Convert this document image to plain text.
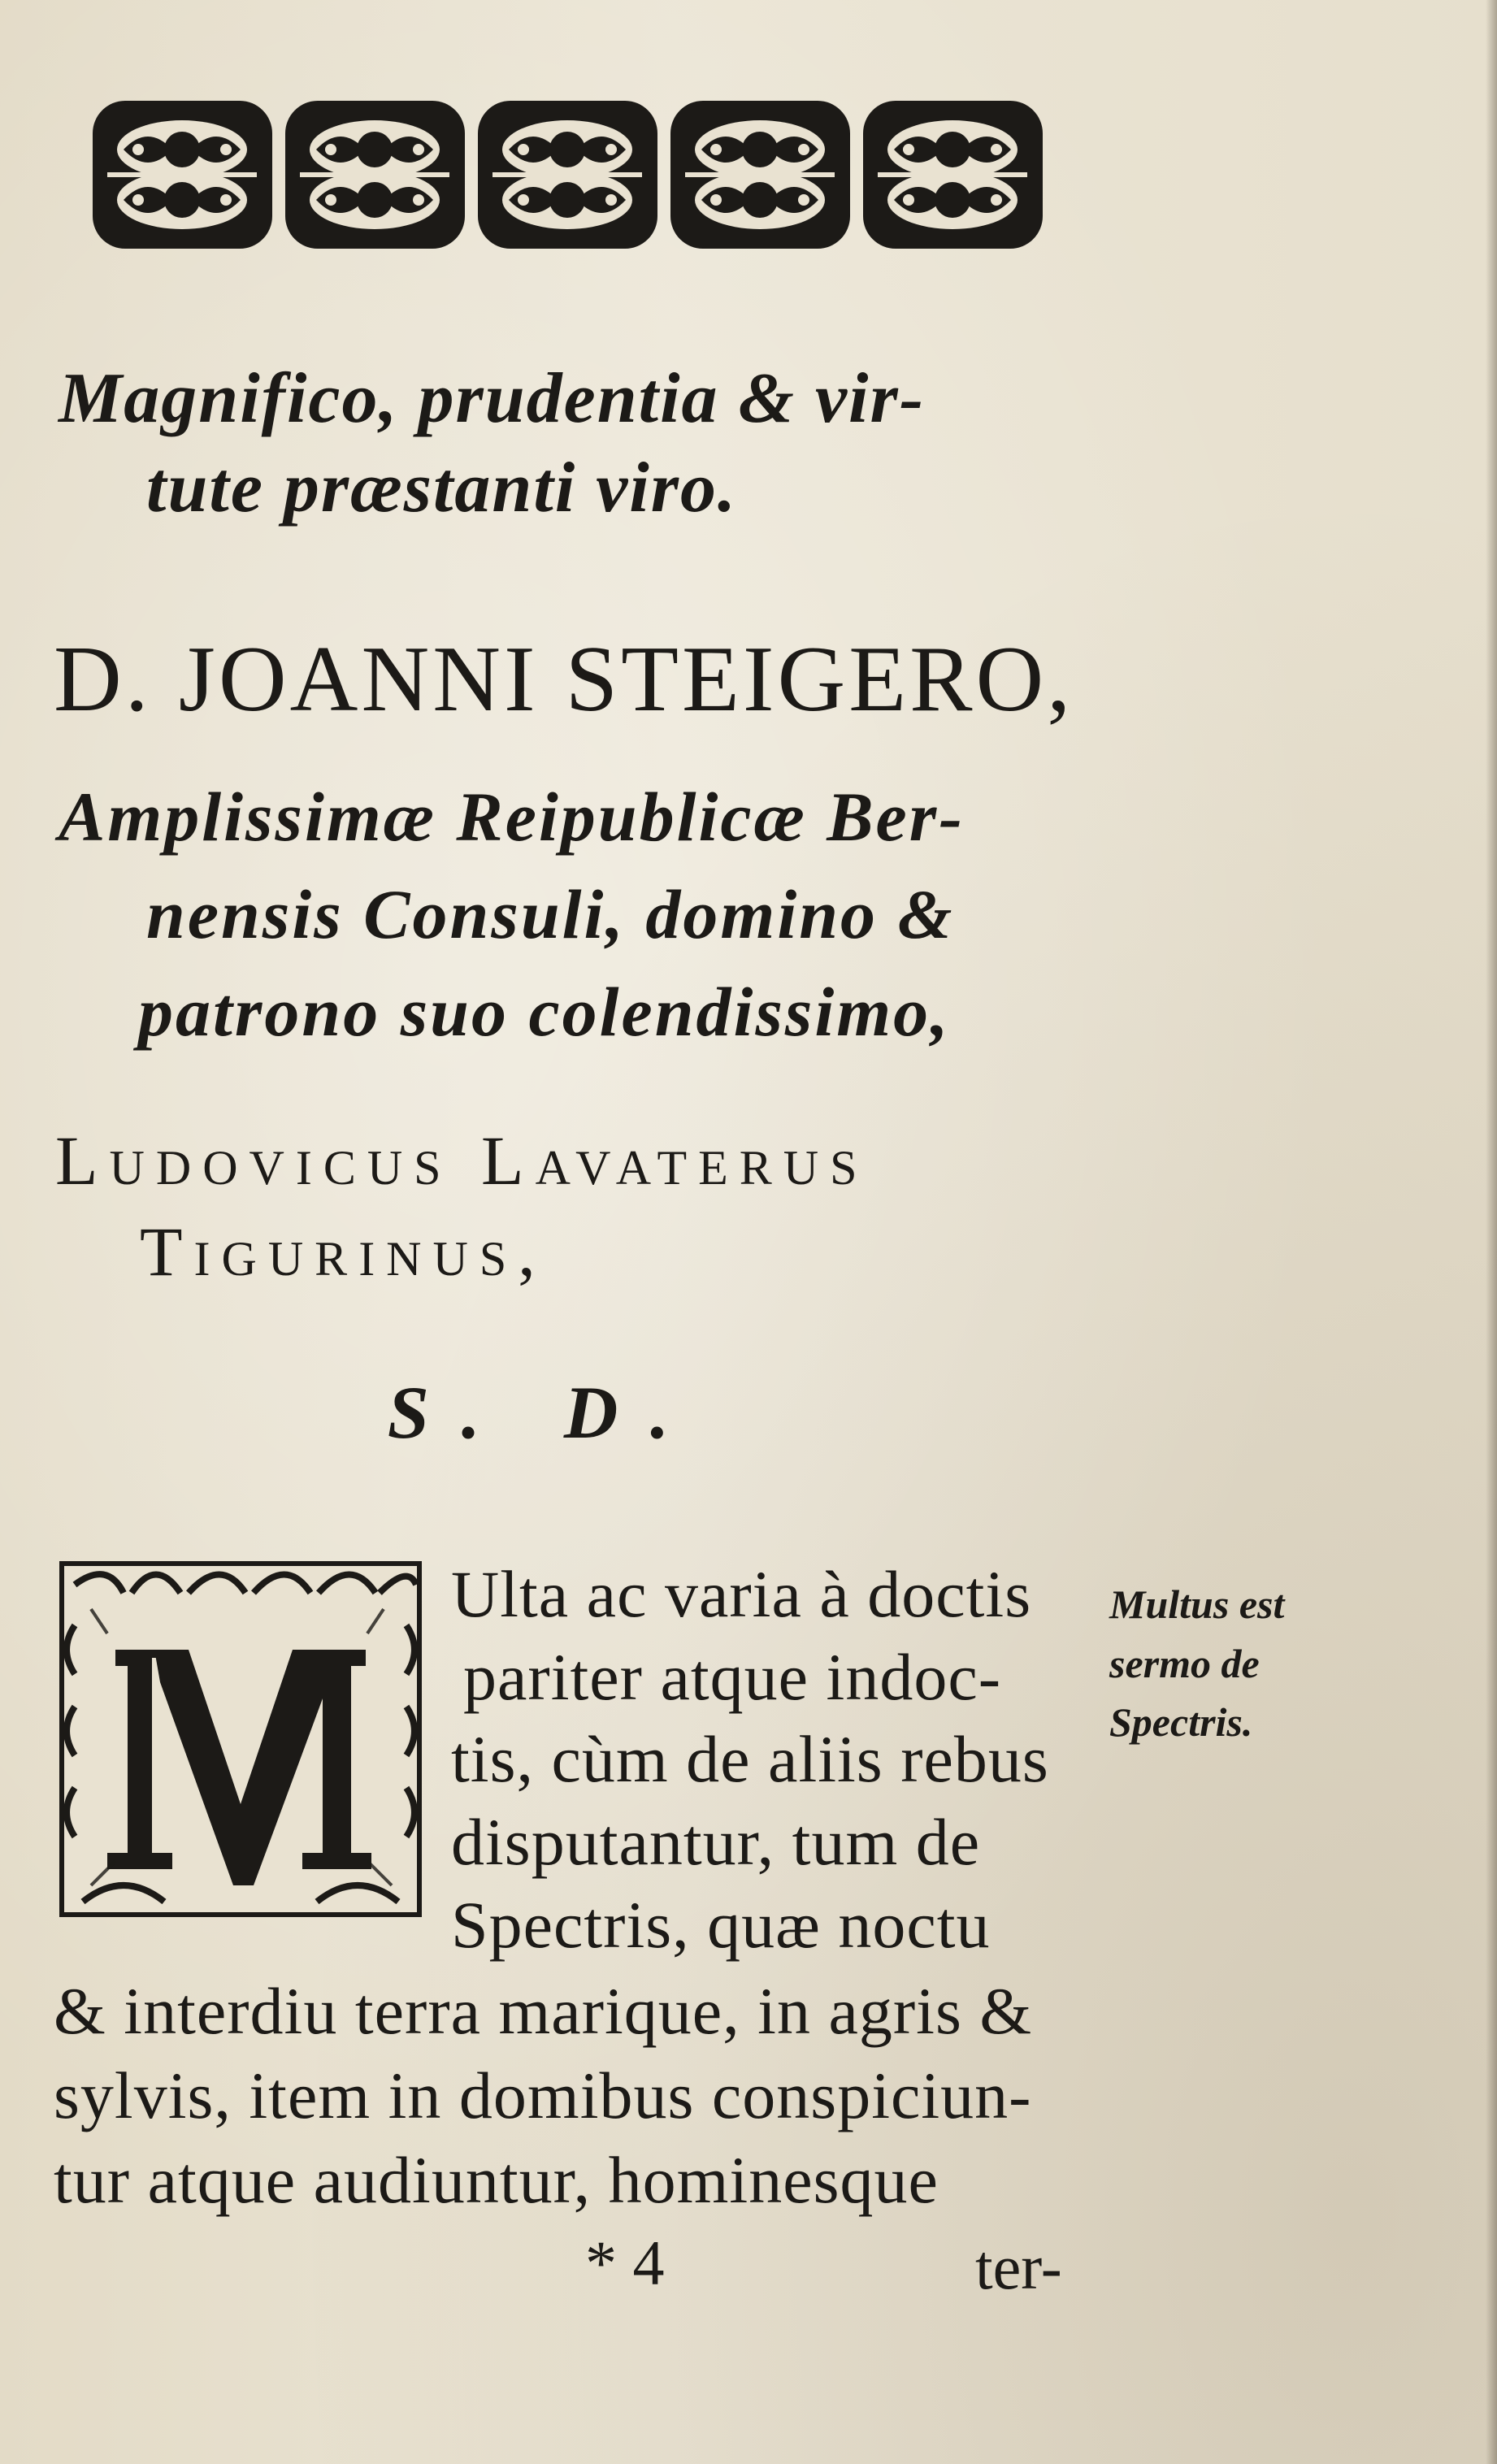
Magnifico, prudentia & vir-
tute præstanti viro.
D. JOANNI STEIGERO,
Amplissimæ Reipublicæ Ber-
nensis Consuli, domino &
patrono suo colendissimo,
Ludovicus Lavaterus
Tigurinus,
S. D.
Ulta ac varia à doctis
pariter atque indoc-
tis, cùm de aliis rebus
disputantur, tum de
Spectris, quæ noctu
& interdiu terra marique, in agris &
sylvis, item in domibus conspiciun-
tur atque audiuntur, hominesque
Multus est
sermo de
Spectris.
* 4	ter-
